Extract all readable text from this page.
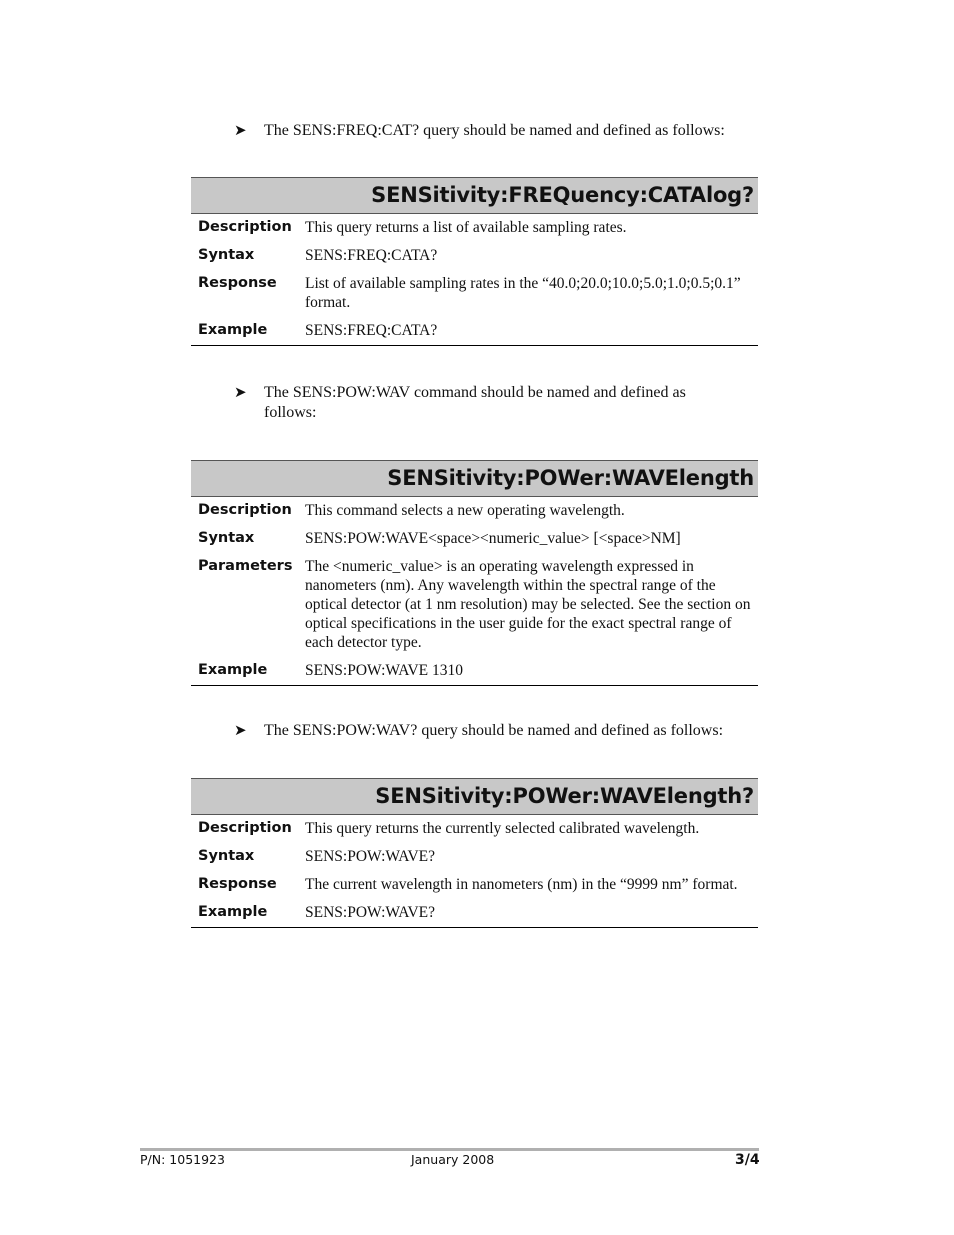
➤	The SENS:FREQ:CAT? query should be named and defined as follows:
SENSitivity:FREQuency:CATAlog?
Description This query returns a list of available sampling rates.
Syntax	SENS:FREQ:CATA?
Response	List of available sampling rates in the “40.0;20.0;10.0;5.0;1.0;0.5;0.1” format.
Example	SENS:FREQ:CATA?
➤	The SENS:POW:WAV command should be named and defined as follows:
SENSitivity:POWer:WAVElength
Description This command selects a new operating wavelength.
Syntax	SENS:POW:WAVE<space><numeric_value> [<space>NM]
Parameters The <numeric_value> is an operating wavelength expressed in nanometers (nm). Any wavelength within the spectral range of the optical detector (at 1 nm resolution) may be selected. See the section on optical specifications in the user guide for the exact spectral range of each detector type.
Example	SENS:POW:WAVE 1310
➤	The SENS:POW:WAV? query should be named and defined as follows:
SENSitivity:POWer:WAVElength?
Description This query returns the currently selected calibrated wavelength.
Syntax	SENS:POW:WAVE?
Response	The current wavelength in nanometers (nm) in the “9999 nm” format.
Example	SENS:POW:WAVE?
P/N: 1051923	January 2008	3/4
